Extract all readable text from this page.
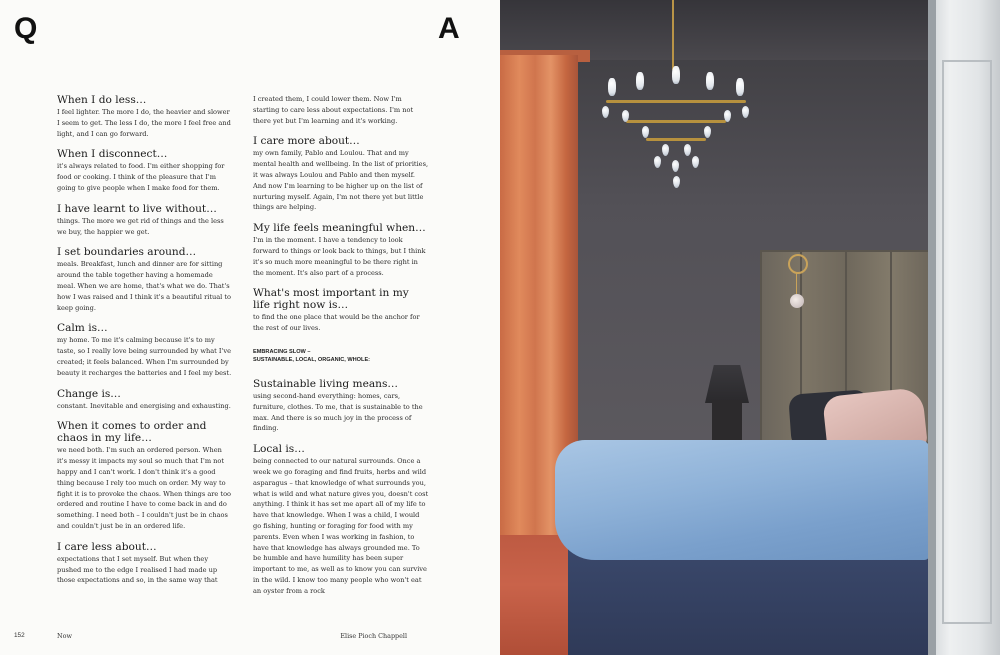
Q	A
When I do less…
I feel lighter. The more I do, the heavier and slower I seem to get. The less I do, the more I feel free and light, and I can go forward.
When I disconnect…
it's always related to food. I'm either shopping for food or cooking. I think of the pleasure that I'm going to give people when I make food for them.
I have learnt to live without…
things. The more we get rid of things and the less we buy, the happier we get.
I set boundaries around…
meals. Breakfast, lunch and dinner are for sitting around the table together having a homemade meal. When we are home, that's what we do. That's how I was raised and I think it's a beautiful ritual to keep going.
Calm is…
my home. To me it's calming because it's to my taste, so I really love being surrounded by what I've created; it feels balanced. When I'm surrounded by beauty it recharges the batteries and I feel my best.
Change is…
constant. Inevitable and energising and exhausting.
When it comes to order and chaos in my life…
we need both. I'm such an ordered person. When it's messy it impacts my soul so much that I'm not happy and I can't work. I don't think it's a good thing because I rely too much on order. My way to fight it is to provoke the chaos. When things are too ordered and routine I have to come back in and do something. I need both – I couldn't just be in chaos and couldn't just be in an ordered life.
I care less about…
expectations that I set myself. But when they pushed me to the edge I realised I had made up those expectations and so, in the same way that
I created them, I could lower them. Now I'm starting to care less about expectations. I'm not there yet but I'm learning and it's working.
I care more about…
my own family, Pablo and Loulou. That and my mental health and wellbeing. In the list of priorities, it was always Loulou and Pablo and then myself. And now I'm learning to be higher up on the list of nurturing myself. Again, I'm not there yet but little things are helping.
My life feels meaningful when…
I'm in the moment. I have a tendency to look forward to things or look back to things, but I think it's so much more meaningful to be there right in the moment. It's also part of a process.
What's most important in my life right now is…
to find the one place that would be the anchor for the rest of our lives.
EMBRACING SLOW –
SUSTAINABLE, LOCAL, ORGANIC, WHOLE:
Sustainable living means…
using second-hand everything: homes, cars, furniture, clothes. To me, that is sustainable to the max. And there is so much joy in the process of finding.
Local is…
being connected to our natural surrounds. Once a week we go foraging and find fruits, herbs and wild asparagus – that knowledge of what surrounds you, what is wild and what nature gives you, doesn't cost anything. I think it has set me apart all of my life to have that knowledge. When I was a child, I would go fishing, hunting or foraging for food with my parents. Even when I was working in fashion, to have that knowledge has always grounded me. To be humble and have humility has been super important to me, as well as to know you can survive in the wild. I know too many people who won't eat an oyster from a rock
152	Now	Elise Pioch Chappell
